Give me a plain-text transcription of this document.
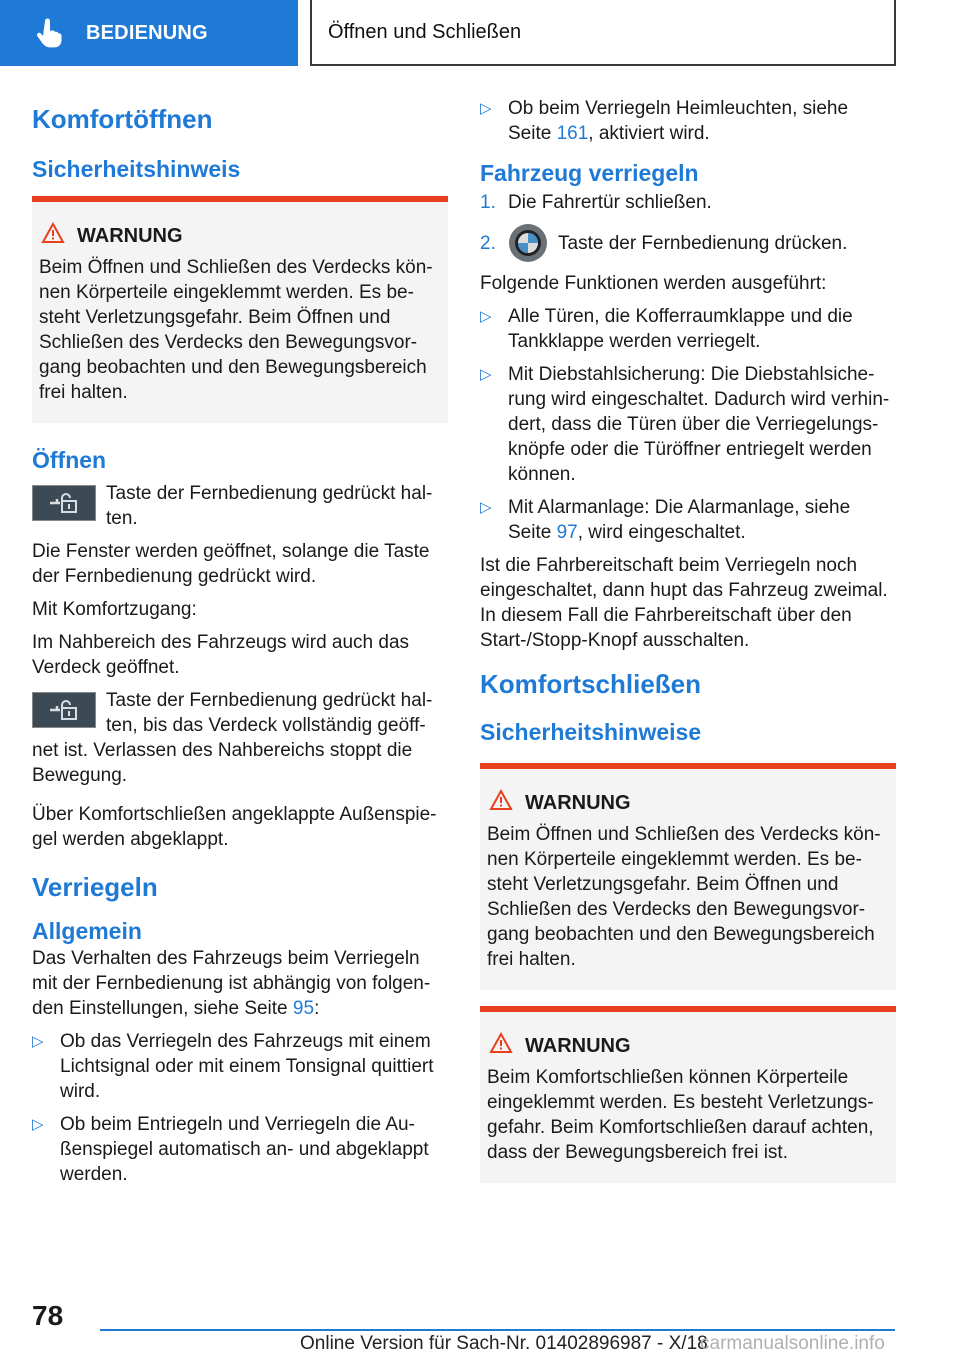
BEDIENUNG	Öffnen und Schließen
Komfortöffnen
Sicherheitshinweis
WARNUNG
Beim Öffnen und Schließen des Verdecks kön- nen Körperteile eingeklemmt werden. Es be- steht Verletzungsgefahr. Beim Öffnen und Schließen des Verdecks den Bewegungsvor- gang beobachten und den Bewegungsbereich frei halten.
Öffnen
Taste der Fernbedienung gedrückt hal- ten.

Die Fenster werden geöffnet, solange die Taste der Fernbedienung gedrückt wird.

Mit Komfortzugang:

Im Nahbereich des Fahrzeugs wird auch das Verdeck geöffnet.

Taste der Fernbedienung gedrückt hal- ten, bis das Verdeck vollständig geöff- net ist. Verlassen des Nahbereichs stoppt die Bewegung.

Über Komfortschließen angeklappte Außenspie- gel werden abgeklappt.

Verriegeln
Allgemein

Das Verhalten des Fahrzeugs beim Verriegeln mit der Fernbedienung ist abhängig von folgen- den Einstellungen, siehe Seite 95:

▷ Ob das Verriegeln des Fahrzeugs mit einem Lichtsignal oder mit einem Tonsignal quittiert wird.
▷ Ob beim Entriegeln und Verriegeln die Au- ßenspiegel automatisch an- und abgeklappt werden.
▷ Ob beim Verriegeln Heimleuchten, siehe Seite 161, aktiviert wird.
Fahrzeug verriegeln
1. Die Fahrertür schließen.
2.	Taste der Fernbedienung drücken.

Folgende Funktionen werden ausgeführt:

▷ Alle Türen, die Kofferraumklappe und die Tankklappe werden verriegelt.
▷ Mit Diebstahlsicherung: Die Diebstahlsiche- rung wird eingeschaltet. Dadurch wird verhin- dert, dass die Türen über die Verriegelungs- knöpfe oder die Türöffner entriegelt werden können.
▷ Mit Alarmanlage: Die Alarmanlage, siehe Seite 97, wird eingeschaltet.

Ist die Fahrbereitschaft beim Verriegeln noch eingeschaltet, dann hupt das Fahrzeug zweimal. In diesem Fall die Fahrbereitschaft über den Start-/Stopp-Knopf ausschalten.

Komfortschließen
Sicherheitshinweise
WARNUNG
Beim Öffnen und Schließen des Verdecks kön- nen Körperteile eingeklemmt werden. Es be- steht Verletzungsgefahr. Beim Öffnen und Schließen des Verdecks den Bewegungsvor- gang beobachten und den Bewegungsbereich frei halten.
WARNUNG
Beim Komfortschließen können Körperteile eingeklemmt werden. Es besteht Verletzungs- gefahr. Beim Komfortschließen darauf achten, dass der Bewegungsbereich frei ist.
78
Online Version für Sach-Nr. 01402896987 - X/18
carmanualsonline.info
